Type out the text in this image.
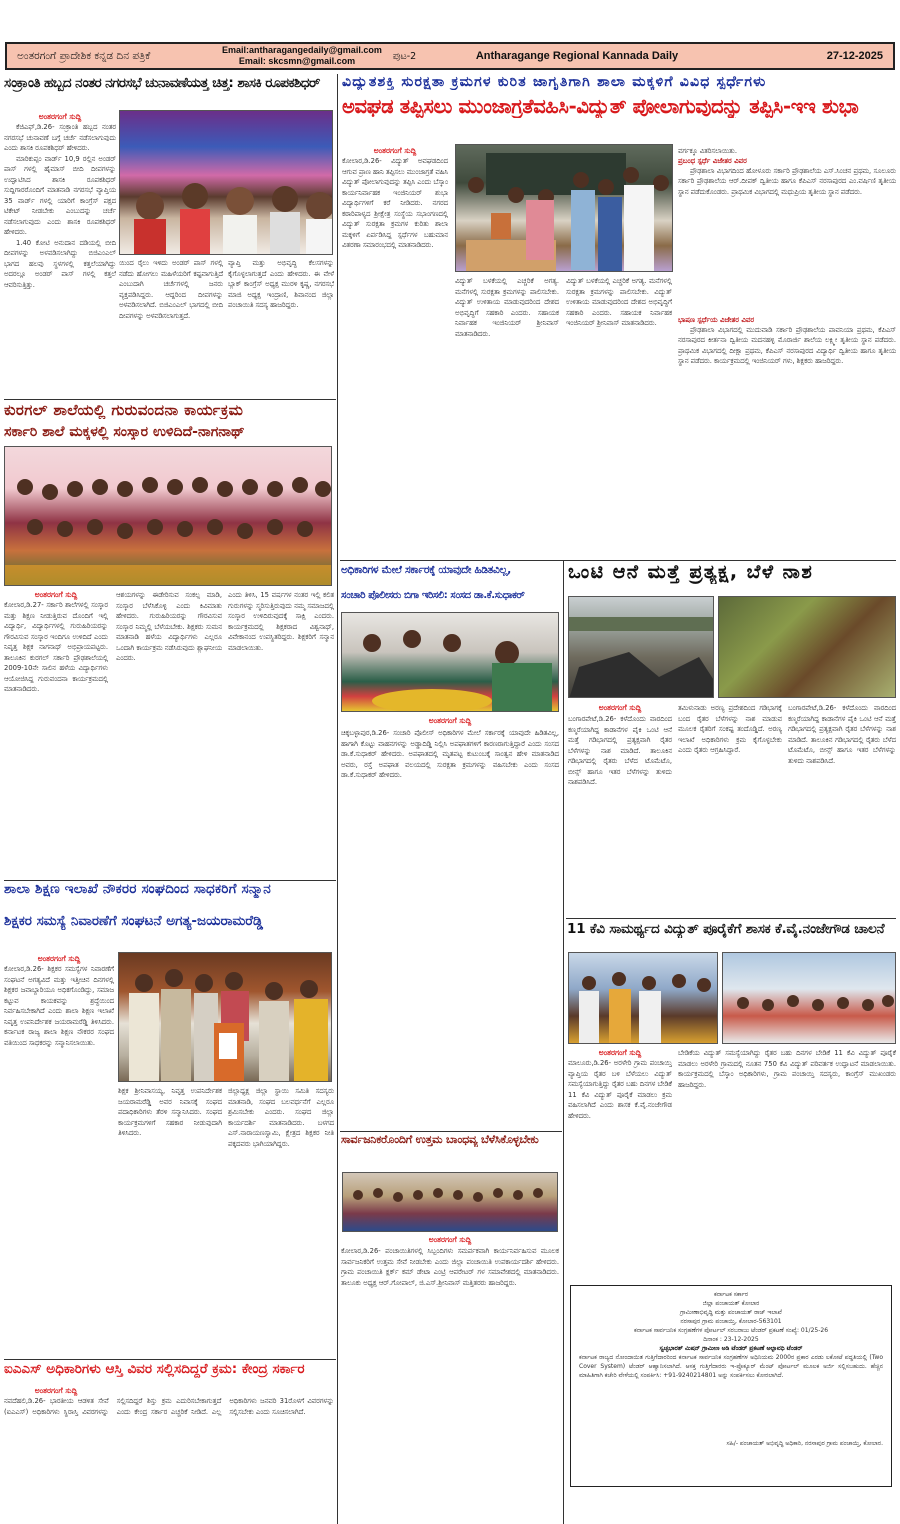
ಅಂತರಗಂಗೆ ಪ್ರಾದೇಶಿಕ ಕನ್ನಡ ದಿನ ಪತ್ರಿಕೆ	Email:antharagangedaily@gmail.com
Email: skcsmn@gmail.com	ಪುಟ-2	Antharagange Regional Kannada Daily	27-12-2025
ಸಂಕ್ರಾಂತಿ ಹಬ್ಬದ ನಂತರ ನಗರಸಭೆ ಚುನಾವಣೆಯತ್ತ ಚಿತ್ತ: ಶಾಸಕಿ ರೂಪಕಶಿಧರ್
ಅಂತರಗಂಗೆ ಸುದ್ದಿ

ಕೆಜಿಎಫ್,ಡಿ.26- ಸಂಕ್ರಾಂತಿ ಹಬ್ಬದ ನಂತರ ನಗರಸಭೆ ಚುನಾವಣೆ ಬಗ್ಗೆ ಚರ್ಚೆ ನಡೆಸಲಾಗುವುದು ಎಂದು ಶಾಸಕಿ ರೂಪಕಶಿಧರ್ ಹೇಳಿದರು.

ಮಾರಿಕುಪ್ಪಂ ವಾರ್ಡ್ 10,9 ರಲ್ಲಿನ ಅಂಡರ್ ಪಾಸ್ ಗಳಲ್ಲಿ ಹೈಮಾಸ್ ಬೀದಿ ದೀಪಗಳನ್ನು ಉದ್ಘಾಟಿಸಿದ ಶಾಸಕಿ ರೂಪಕಶಿಧರ್ ಸುದ್ದಿಗಾರರೊಂದಿಗೆ ಮಾತನಾಡಿ ನಗರಸಭೆ ವ್ಯಾಪ್ತಿಯ 35 ವಾರ್ಡ್ ಗಳಲ್ಲಿ ಯಾರಿಗೆ ಕಾಂಗ್ರೆಸ್ ಪಕ್ಷದ ಟಿಕೇಟ್ ನೀಡಬೇಕು ಎಂಬುದನ್ನು ಚರ್ಚೆ ನಡೆಸಲಾಗುವುದು ಎಂದು ಶಾಸಕಿ ರೂಪಕಶಿಧರ್ ಹೇಳಿದರು.

1.40 ಕೋಟಿ ಅನುದಾನ ದಡಿಯಲ್ಲಿ ಬೀದಿ ದೀಪಗಳನ್ನು ಅಳವಡಿಸಲಾಗಿದ್ದು ಬಿಜಿಎಂಎಲ್ ಭಾಗದ ಹಲವು ಸ್ಥಳಗಳಲ್ಲಿ ಕತ್ತಲೆಯಾಗಿದ್ದು ಅದರಲ್ಲೂ ಅಂಡರ್ ಪಾಸ್ ಗಳಲ್ಲಿ ಕತ್ತಲೆ ಆವರಿಸುತ್ತಿತ್ತು.

ಯಿಂದ ರೈಲು ಇಳಿದು ಅಂಡರ್ ಪಾಸ್ ಗಳಲ್ಲಿ ನಡೆದು ಹೋಗಲು ಮಹಿಳೆಯರಿಗೆ ಕಷ್ಟವಾಗುತ್ತಿದೆ ಎಂಬುದಾಗಿ ಚರ್ಚೆಗಳಲ್ಲಿ ಜನರು ವ್ಯಕ್ತಪಡಿಸಿದ್ದರು. ಆದ್ದರಿಂದ ದೀಪಗಳನ್ನು ಅಳವಡಿಸಲಾಗಿದೆ. ಬಿಜಿಎಂಎಲ್ ಭಾಗದಲ್ಲಿ ಬೀದಿ ದೀಪಗಳನ್ನು ಅಳವಡಿಸಲಾಗುತ್ತದೆ.
ವ್ಯಾಪ್ತಿ ಮತ್ತು ಅಭಿವೃದ್ಧಿ ಕೆಲಸಗಳನ್ನು ಕೈಗೊಳ್ಳಲಾಗುತ್ತದೆ ಎಂದು ಹೇಳಿದರು. ಈ ವೇಳೆ ಬ್ಲಾಕ್ ಕಾಂಗ್ರೆಸ್ ಅಧ್ಯಕ್ಷ ಮುರಳಿ ಕೃಷ್ಣ, ನಗರಸಭೆ ಮಾಜಿ ಅಧ್ಯಕ್ಷ ಇಂದ್ರಾಣಿ, ಶಿವಾನಂದ ಜಿಲ್ಲಾ ಪಂಚಾಯಿತಿ ಸದಸ್ಯ ಹಾಜರಿದ್ದರು.
ಕುರಗಲ್ ಶಾಲೆಯಲ್ಲಿ ಗುರುವಂದನಾ ಕಾರ್ಯಕ್ರಮ
ಸರ್ಕಾರಿ ಶಾಲೆ ಮಕ್ಕಳಲ್ಲಿ ಸಂಸ್ಕಾರ ಉಳಿದಿದೆ-ನಾಗನಾಥ್
ಅಂತರಗಂಗೆ ಸುದ್ದಿ
ಕೋಲಾರ,ಡಿ.27- ಸರ್ಕಾರಿ ಶಾಲೆಗಳಲ್ಲಿ ಸಂಸ್ಕಾರ ಮತ್ತು ಶಿಕ್ಷಣ ನೀಡುತ್ತಿರುವ ದೊಂದಿಗೆ ಇಲ್ಲಿ ವಿದ್ಯಾರ್ಥಿ, ವಿದ್ಯಾರ್ಥಿಗಳಲ್ಲಿ ಗುರುಹಿರಿಯರನ್ನು ಗೌರವಿಸುವ ಸಂಸ್ಕಾರ ಇಂದಿಗೂ ಉಳಿದಿದೆ ಎಂದು ನಿವೃತ್ತ ಶಿಕ್ಷಕ ನಾಗನಾಥ್ ಅಭಿಪ್ರಾಯಪಟ್ಟರು. ತಾಲೂಕಿನ ಕುರಗಲ್ ಸರ್ಕಾರಿ ಪ್ರೌಢಶಾಲೆಯಲ್ಲಿ 2009-10ನೇ ಸಾಲಿನ ಹಳೆಯ ವಿದ್ಯಾರ್ಥಿಗಳು ಆಯೋಜಿಸಿದ್ದ ಗುರುವಂದನಾ ಕಾರ್ಯಕ್ರಮದಲ್ಲಿ ಮಾತನಾಡಿದರು.
ಆಶಯಗಳನ್ನು ಈಡೇರಿಸುವ ಸಂಕಲ್ಪ ಮಾಡಿ, ಸಂಸ್ಕಾರ ಬೆಳೆಸಿಕೊಳ್ಳಿ ಎಂದು ಕಿವಿಮಾತು ಹೇಳಿದರು. ಗುರುಹಿರಿಯರನ್ನು ಗೌರವಿಸುವ ಸಂಸ್ಕಾರ ನಿಮ್ಮಲ್ಲಿ ಬೆಳೆಯಬೇಕು. ಶಿಕ್ಷಕರು ಸುಮನ ಮಾತನಾಡಿ ಹಳೆಯ ವಿದ್ಯಾರ್ಥಿಗಳು ಎಲ್ಲರೂ ಒಂದಾಗಿ ಕಾರ್ಯಕ್ರಮ ನಡೆಸಿರುವುದು ಶ್ಲಾಘನೀಯ ಎಂದರು.
ಎಂದು ತಿಳಿಸಿ, 15 ವರ್ಷಗಳ ನಂತರ ಇಲ್ಲಿ ಕಲಿತ ಗುರುಗಳನ್ನು ಸ್ಮರಿಸುತ್ತಿರುವುದು ನಮ್ಮ ಸಮಾಜದಲ್ಲಿ ಸಂಸ್ಕಾರ ಉಳಿದಿರುವುದಕ್ಕೆ ಸಾಕ್ಷಿ ಎಂದರು. ಕಾರ್ಯಕ್ರಮದಲ್ಲಿ ಶಿಕ್ಷಕರಾದ ವಿಶ್ವನಾಥ್, ವಿವೇಕಾನಂದ ಉಪಸ್ಥಿತರಿದ್ದರು. ಶಿಕ್ಷಕರಿಗೆ ಸನ್ಮಾನ ಮಾಡಲಾಯಿತು.
ಶಾಲಾ ಶಿಕ್ಷಣ ಇಲಾಖೆ ನೌಕರರ ಸಂಘದಿಂದ ಸಾಧಕರಿಗೆ ಸನ್ಮಾನ
ಶಿಕ್ಷಕರ ಸಮಸ್ಯೆ ನಿವಾರಣೆಗೆ ಸಂಘಟನೆ ಅಗತ್ಯ-ಜಯರಾಮರೆಡ್ಡಿ
ಅಂತರಗಂಗೆ ಸುದ್ದಿ
ಕೋಲಾರ,ಡಿ.26- ಶಿಕ್ಷಕರ ಸಮಸ್ಯೆಗಳ ನಿವಾರಣೆಗೆ ಸಂಘಟನೆ ಅಗತ್ಯವಿದೆ ಮತ್ತು ಇತ್ತೀಚಿನ ದಿನಗಳಲ್ಲಿ ಶಿಕ್ಷಕರ ಜವಾಬ್ದಾರಿಯೂ ಅಧಿಕಗೊಂಡಿದ್ದು, ಸಮಾಜ ಕಟ್ಟುವ ಕಾಯಕವನ್ನು ಶ್ರದ್ಧೆಯಿಂದ ನಿರ್ವಹಿಸಬೇಕಾಗಿದೆ ಎಂದು ಶಾಲಾ ಶಿಕ್ಷಣ ಇಲಾಖೆ ನಿವೃತ್ತ ಉಪನಿರ್ದೇಶಕ ಜಯರಾಮರೆಡ್ಡಿ ತಿಳಿಸಿದರು. ಕರ್ನಾಟಕ ರಾಜ್ಯ ಶಾಲಾ ಶಿಕ್ಷಣ ನೌಕರರ ಸಂಘದ ವತಿಯಿಂದ ಸಾಧಕರನ್ನು ಸನ್ಮಾನಿಸಲಾಯಿತು.
ಶಿಕ್ಷಕ ಶ್ರೀನಿವಾಸಯ್ಯ, ನಿವೃತ್ತ ಉಪನಿರ್ದೇಶಕ ಜಯರಾಮರೆಡ್ಡಿ ಅವರ ನಿವಾಸಕ್ಕೆ ಸಂಘದ ಪದಾಧಿಕಾರಿಗಳು ತೆರಳಿ ಸನ್ಮಾನಿಸಿದರು. ಸಂಘದ ಕಾರ್ಯಕ್ರಮಗಳಿಗೆ ಸಹಕಾರ ನೀಡುವುದಾಗಿ ತಿಳಿಸಿದರು.
ಜಿಲ್ಲಾಧ್ಯಕ್ಷ ಜಿಲ್ಲಾ ಸ್ಥಾಯಿ ಸಮಿತಿ ಸದಸ್ಯರು ಮಾತನಾಡಿ, ಸಂಘದ ಬಲವರ್ಧನೆಗೆ ಎಲ್ಲರೂ ಶ್ರಮಿಸಬೇಕು ಎಂದರು. ಸಂಘದ ಜಿಲ್ಲಾ ಕಾರ್ಯದರ್ಶಿ ಮಾತನಾಡಿದರು. ಬಳಗದ ಎಸ್.ನಾರಾಯಣಸ್ವಾಮಿ, ಕ್ಷೇತ್ರದ ಶಿಕ್ಷಕರ ನೀತಿ ಪಕ್ಕದವರು ಭಾಗಿಯಾಗಿದ್ದರು.
ಐಎಎಸ್ ಅಧಿಕಾರಿಗಳು ಆಸ್ತಿ ವಿವರ ಸಲ್ಲಿಸದಿದ್ದರೆ ಕ್ರಮ: ಕೇಂದ್ರ ಸರ್ಕಾರ
ಅಂತರಗಂಗೆ ಸುದ್ದಿ
ನವದೆಹಲಿ,ಡಿ.26- ಭಾರತೀಯ ಆಡಳಿತ ಸೇವೆ (ಐಎಎಸ್) ಅಧಿಕಾರಿಗಳು ಸ್ಥಿರಾಸ್ತಿ ವಿವರಗಳನ್ನು ಸಲ್ಲಿಸದಿದ್ದರೆ ಶಿಸ್ತು ಕ್ರಮ ಎದುರಿಸಬೇಕಾಗುತ್ತದೆ ಎಂದು ಕೇಂದ್ರ ಸರ್ಕಾರ ಎಚ್ಚರಿಕೆ ನೀಡಿದೆ. ಎಲ್ಲ ಅಧಿಕಾರಿಗಳು ಜನವರಿ 31ರೊಳಗೆ ವಿವರಗಳನ್ನು ಸಲ್ಲಿಸಬೇಕು ಎಂದು ಸೂಚಿಸಲಾಗಿದೆ.
ವಿದ್ಯುತಶಕ್ತಿ ಸುರಕ್ಷತಾ ಕ್ರಮಗಳ ಕುರಿತ ಜಾಗೃತಿಗಾಗಿ ಶಾಲಾ ಮಕ್ಕಳಿಗೆ ವಿವಿಧ ಸ್ಪರ್ಧೆಗಳು
ಅವಘಡ ತಪ್ಪಿಸಲು ಮುಂಜಾಗ್ರತೆವಹಿಸಿ-ವಿದ್ಯುತ್ ಪೋಲಾಗುವುದನ್ನು ತಪ್ಪಿಸಿ-ಇಇ ಶುಭಾ
ಅಂತರಗಂಗೆ ಸುದ್ದಿ
ಕೋಲಾರ,ಡಿ.26- ವಿದ್ಯುತ್ ಅವಘಡದಿಂದ ಆಗುವ ಪ್ರಾಣ ಹಾನಿ ತಪ್ಪಿಸಲು ಮುಂಜಾಗ್ರತೆ ವಹಿಸಿ ವಿದ್ಯುತ್ ಪೋಲಾಗುವುದನ್ನು ತಪ್ಪಿಸಿ ಎಂದು ಬೆಸ್ಕಾಂ ಕಾರ್ಯನಿರ್ವಾಹಕ ಇಂಜಿನಿಯರ್ ಶುಭಾ ವಿದ್ಯಾರ್ಥಿಗಳಿಗೆ ಕರೆ ನೀಡಿದರು. ನಗರದ ಕಠಾರಿಪಾಳ್ಯದ ಶ್ರೀಕ್ಷೇತ್ರ ಸಂಸ್ಥೆಯ ಸಭಾಂಗಣದಲ್ಲಿ ವಿದ್ಯುತ್ ಸುರಕ್ಷತಾ ಕ್ರಮಗಳ ಕುರಿತು ಶಾಲಾ ಮಕ್ಕಳಿಗೆ ಏರ್ಪಡಿಸಿದ್ದ ಸ್ಪರ್ಧೆಗಳ ಬಹುಮಾನ ವಿತರಣಾ ಸಮಾರಂಭದಲ್ಲಿ ಮಾತನಾಡಿದರು.
ವಿದ್ಯುತ್ ಬಳಕೆಯಲ್ಲಿ ಎಚ್ಚರಿಕೆ ಅಗತ್ಯ. ಮನೆಗಳಲ್ಲಿ ಸುರಕ್ಷತಾ ಕ್ರಮಗಳನ್ನು ಪಾಲಿಸಬೇಕು. ವಿದ್ಯುತ್ ಉಳಿತಾಯ ಮಾಡುವುದರಿಂದ ದೇಶದ ಅಭಿವೃದ್ಧಿಗೆ ಸಹಕಾರಿ ಎಂದರು. ಸಹಾಯಕ ನಿರ್ವಾಹಕ ಇಂಜಿನಿಯರ್ ಶ್ರೀನಿವಾಸ್ ಮಾತನಾಡಿದರು.
ವಿದ್ಯುತ್ ಬಳಕೆಯಲ್ಲಿ ಎಚ್ಚರಿಕೆ ಅಗತ್ಯ. ಮನೆಗಳಲ್ಲಿ ಸುರಕ್ಷತಾ ಕ್ರಮಗಳನ್ನು ಪಾಲಿಸಬೇಕು. ವಿದ್ಯುತ್ ಉಳಿತಾಯ ಮಾಡುವುದರಿಂದ ದೇಶದ ಅಭಿವೃದ್ಧಿಗೆ ಸಹಕಾರಿ ಎಂದರು. ಸಹಾಯಕ ನಿರ್ವಾಹಕ ಇಂಜಿನಿಯರ್ ಶ್ರೀನಿವಾಸ್ ಮಾತನಾಡಿದರು.
ವರ್ಗಕ್ಕೂ ವಿತರಿಸಲಾಯಿತು.
ಪ್ರಬಂಧ ಸ್ಪರ್ಧೆ ವಿಜೇತರ ವಿವರ

ಪ್ರೌಢಶಾಲಾ ವಿಭಾಗದಿಂದ ಹೋಳೂರು ಸರ್ಕಾರಿ ಪ್ರೌಢಶಾಲೆಯ ಎಸ್.ಸಿಂಚನ ಪ್ರಥಮ, ಸೂಲೂರು ಸರ್ಕಾರಿ ಪ್ರೌಢಶಾಲೆಯ ಆರ್.ದೀಪಕ್ ದ್ವಿತೀಯ ಹಾಗೂ ಕೆಪಿಎಸ್ ನರಸಾಪುರದ ಎಂ.ವರ್ಷಿಣಿ ತೃತೀಯ ಸ್ಥಾನ ಪಡೆದುಕೊಂಡರು. ಪ್ರಾಥಮಿಕ ವಿಭಾಗದಲ್ಲಿ ಮಧುಪ್ರಿಯ ತೃತೀಯ ಸ್ಥಾನ ಪಡೆದರು.

ಭಾಷಣ ಸ್ಪರ್ಧೆಯ ವಿಜೇತರ ವಿವರ

ಪ್ರೌಢಶಾಲಾ ವಿಭಾಗದಲ್ಲಿ ಮುದುವಾಡಿ ಸರ್ಕಾರಿ ಪ್ರೌಢಶಾಲೆಯ ಪಾವನಿಯಾ ಪ್ರಥಮ, ಕೆಪಿಎಸ್ ನರಸಾಪುರದ ಕೀರ್ತನಾ ದ್ವಿತೀಯ ಮದನಹಳ್ಳಿ ಮೊರಾರ್ಜಿ ಶಾಲೆಯ ಲಕ್ಷ್ಮೀ ತೃತೀಯ ಸ್ಥಾನ ಪಡೆದರು. ಪ್ರಾಥಮಿಕ ವಿಭಾಗದಲ್ಲಿ ದೀಕ್ಷಾ ಪ್ರಥಮ, ಕೆಪಿಎಸ್ ನರಸಾಪುರದ ವಿದ್ಯಾರ್ಥಿ ದ್ವಿತೀಯ ಹಾಗೂ ತೃತೀಯ ಸ್ಥಾನ ಪಡೆದರು. ಕಾರ್ಯಕ್ರಮದಲ್ಲಿ ಇಂಜಿನಿಯರ್ ಗಳು, ಶಿಕ್ಷಕರು ಹಾಜರಿದ್ದರು.

ಅಧಿಕಾರಿಗಳ ಮೇಲೆ ಸರ್ಕಾರಕ್ಕೆ ಯಾವುದೇ ಹಿಡಿತವಿಲ್ಲ,
ಸಂಚಾರಿ ಪೊಲೀಸರು ಬಿಗಾ ಇರಿಸಲಿ: ಸಂಸದ ಡಾ.ಕೆ.ಸುಧಾಕರ್
ಅಂತರಗಂಗೆ ಸುದ್ದಿ
ಚಿಕ್ಕಬಳ್ಳಾಪುರ,ಡಿ.26- ಸಂಚಾರಿ ಪೊಲೀಸ್ ಅಧಿಕಾರಿಗಳ ಮೇಲೆ ಸರ್ಕಾರಕ್ಕೆ ಯಾವುದೇ ಹಿಡಿತವಿಲ್ಲ, ಹಾಗಾಗಿ ಕೊಟ್ಟು ವಾಹನಗಳನ್ನು ಅಡ್ಡಾದಿಡ್ಡಿ ನಿಲ್ಲಿಸಿ ಅಪಘಾತಗಳಿಗೆ ಕಾರಣರಾಗುತ್ತಿದ್ದಾರೆ ಎಂದು ಸಂಸದ ಡಾ.ಕೆ.ಸುಧಾಕರ್ ಹೇಳಿದರು. ಅಪಘಾತದಲ್ಲಿ ಮೃತಪಟ್ಟ ಕುಟುಂಬಕ್ಕೆ ಸಾಂತ್ವನ ಹೇಳಿ ಮಾತನಾಡಿದ ಅವರು, ರಸ್ತೆ ಅಪಘಾತ ವಲಯದಲ್ಲಿ ಸುರಕ್ಷತಾ ಕ್ರಮಗಳನ್ನು ವಹಿಸಬೇಕು ಎಂದು ಸಂಸದ ಡಾ.ಕೆ.ಸುಧಾಕರ್ ಹೇಳಿದರು.
ಸಾರ್ವಜನಿಕರೊಂದಿಗೆ ಉತ್ತಮ ಬಾಂಧವ್ಯ ಬೆಳೆಸಿಕೊಳ್ಳಬೇಕು
ಅಂತರಗಂಗೆ ಸುದ್ದಿ
ಕೋಲಾರ,ಡಿ.26- ಪಂಚಾಯಿತಿಗಳಲ್ಲಿ ಸಿಬ್ಬಂದಿಗಳು ಸಮರ್ಪಕವಾಗಿ ಕಾರ್ಯನಿರ್ವಹಿಸುವ ಮೂಲಕ ಸಾರ್ವಜನಿಕರಿಗೆ ಉತ್ತಮ ಸೇವೆ ನೀಡಬೇಕು ಎಂದು ಜಿಲ್ಲಾ ಪಂಚಾಯಿತಿ ಉಪಕಾರ್ಯದರ್ಶಿ ಹೇಳಿದರು. ಗ್ರಾಮ ಪಂಚಾಯಿತಿ ಕ್ಲರ್ಕ್ ಕಮ್ ಡೇಟಾ ಎಂಟ್ರಿ ಆಪರೇಟರ್ ಗಳ ಸಮಾವೇಶದಲ್ಲಿ ಮಾತನಾಡಿದರು. ತಾಲೂಕು ಅಧ್ಯಕ್ಷ ಆರ್.ಗೋಪಾಲ್, ಜಿ.ಎಸ್.ಶ್ರೀನಿವಾಸ್ ಮತ್ತಿತರರು ಹಾಜರಿದ್ದರು.
ಒಂಟಿ ಆನೆ ಮತ್ತೆ ಪ್ರತ್ಯಕ್ಷ, ಬೆಳೆ ನಾಶ
ಅಂತರಗಂಗೆ ಸುದ್ದಿ
ಬಂಗಾರಪೇಟೆ,ಡಿ.26- ಕಳೆದೊಂದು ವಾರದಿಂದ ಕಣ್ಮರೆಯಾಗಿದ್ದ ಕಾಡಾನೆಗಳ ಪೈಕಿ ಒಂಟಿ ಆನೆ ಮತ್ತೆ ಗಡಿಭಾಗದಲ್ಲಿ ಪ್ರತ್ಯಕ್ಷವಾಗಿ ರೈತರ ಬೆಳೆಗಳನ್ನು ನಾಶ ಮಾಡಿದೆ. ತಾಲೂಕಿನ ಗಡಿಭಾಗದಲ್ಲಿ ರೈತರು ಬೆಳೆದ ಟೊಮೆಟೊ, ಬೀನ್ಸ್ ಹಾಗೂ ಇತರ ಬೆಳೆಗಳನ್ನು ತುಳಿದು ನಾಶಪಡಿಸಿದೆ.
ತಮಿಳುನಾಡು ಅರಣ್ಯ ಪ್ರದೇಶದಿಂದ ಗಡಿಭಾಗಕ್ಕೆ ಬಂದ ರೈತರ ಬೆಳೆಗಳನ್ನು ನಾಶ ಮಾಡುವ ಮೂಲಕ ರೈತರಿಗೆ ಸಂಕಷ್ಟ ತಂದೊಡ್ಡಿದೆ. ಅರಣ್ಯ ಇಲಾಖೆ ಅಧಿಕಾರಿಗಳು ಕ್ರಮ ಕೈಗೊಳ್ಳಬೇಕು ಎಂದು ರೈತರು ಆಗ್ರಹಿಸಿದ್ದಾರೆ.
ಬಂಗಾರಪೇಟೆ,ಡಿ.26- ಕಳೆದೊಂದು ವಾರದಿಂದ ಕಣ್ಮರೆಯಾಗಿದ್ದ ಕಾಡಾನೆಗಳ ಪೈಕಿ ಒಂಟಿ ಆನೆ ಮತ್ತೆ ಗಡಿಭಾಗದಲ್ಲಿ ಪ್ರತ್ಯಕ್ಷವಾಗಿ ರೈತರ ಬೆಳೆಗಳನ್ನು ನಾಶ ಮಾಡಿದೆ. ತಾಲೂಕಿನ ಗಡಿಭಾಗದಲ್ಲಿ ರೈತರು ಬೆಳೆದ ಟೊಮೆಟೊ, ಬೀನ್ಸ್ ಹಾಗೂ ಇತರ ಬೆಳೆಗಳನ್ನು ತುಳಿದು ನಾಶಪಡಿಸಿದೆ.
11 ಕೆವಿ ಸಾಮರ್ಥ್ಯದ ವಿದ್ಯುತ್ ಪೂರೈಕೆಗೆ ಶಾಸಕ ಕೆ.ವೈ.ನಂಜೇಗೌಡ ಚಾಲನೆ
ಅಂತರಗಂಗೆ ಸುದ್ದಿ
ಮಾಲೂರು,ಡಿ.26- ಅರಳೇರಿ ಗ್ರಾಮ ಪಂಚಾಯ್ತಿ ವ್ಯಾಪ್ತಿಯ ರೈತರ ಬಳಿ ಬೆಳೆಯಲು ವಿದ್ಯುತ್ ಸಮಸ್ಯೆಯಾಗುತ್ತಿದ್ದು ರೈತರ ಬಹು ದಿನಗಳ ಬೇಡಿಕೆ 11 ಕೆವಿ ವಿದ್ಯುತ್ ಪೂರೈಕೆ ಮಾಡಲು ಕ್ರಮ ವಹಿಸಲಾಗಿದೆ ಎಂದು ಶಾಸಕ ಕೆ.ವೈ.ನಂಜೇಗೌಡ ಹೇಳಿದರು.
ಬೇಡಿಕೆಯ ವಿದ್ಯುತ್ ಸಮಸ್ಯೆಯಾಗಿದ್ದು ರೈತರ ಬಹು ದಿನಗಳ ಬೇಡಿಕೆ 11 ಕೆವಿ ವಿದ್ಯುತ್ ಪೂರೈಕೆ ಮಾಡಲು ಅರಳೇರಿ ಗ್ರಾಮದಲ್ಲಿ ನೂತನ 750 ಕೆವಿ ವಿದ್ಯುತ್ ಪರಿವರ್ತಕ ಉದ್ಘಾಟನೆ ಮಾಡಲಾಯಿತು. ಕಾರ್ಯಕ್ರಮದಲ್ಲಿ ಬೆಸ್ಕಾಂ ಅಧಿಕಾರಿಗಳು, ಗ್ರಾಮ ಪಂಚಾಯ್ತಿ ಸದಸ್ಯರು, ಕಾಂಗ್ರೆಸ್ ಮುಖಂಡರು ಹಾಜರಿದ್ದರು.
ಕರ್ನಾಟಕ ಸರ್ಕಾರ
ಜಿಲ್ಲಾ ಪಂಚಾಯತ್ ಕೋಲಾರ
ಗ್ರಾಮೀಣಾಭಿವೃದ್ಧಿ ಮತ್ತು ಪಂಚಾಯತ್ ರಾಜ್ ಇಲಾಖೆ
ನರಸಾಪುರ ಗ್ರಾಮ ಪಂಚಾಯ್ತಿ, ಕೋಲಾರ-563101
ಕರ್ನಾಟಕ ಸಾರ್ವಜನಿಕ ಸಂಗ್ರಹಣೆಗಳ ಪೋರ್ಟಲ್ ಸರಬರಾಜು ಟೆಂಡರ್ ಪ್ರಕಟಣೆ ಸಂಖ್ಯೆ: 01/25-26
ದಿನಾಂಕ : 23-12-2025
ಸ್ವಚ್ಛಭಾರತ್ ಮಿಷನ್ ಗ್ರಾಮೀಣ ಅಡಿ ಟೆಂಡರ್ ಪ್ರಕಟಣೆ ಅಲ್ಪಾವಧಿ ಟೆಂಡರ್
ಕರ್ನಾಟಕ ರಾಜ್ಯದ ನೋಂದಾಯಿತ ಗುತ್ತಿಗೆದಾರರಿಂದ ಕರ್ನಾಟಕ ಸಾರ್ವಜನಿಕ ಸಂಗ್ರಹಣೆಗಳ ಅಧಿನಿಯಮ 2000ರ ಪ್ರಕಾರ ಎರಡು ಲಕೋಟೆ ಪದ್ಧತಿಯಲ್ಲಿ (Two Cover System) ಟೆಂಡರ್ ಆಹ್ವಾನಿಸಲಾಗಿದೆ. ಆಸಕ್ತ ಗುತ್ತಿಗೆದಾರರು ಇ-ಪ್ರೊಕ್ಯೂರ್ ಮೆಂಟ್ ಪೋರ್ಟಲ್ ಮೂಲಕ ಅರ್ಜಿ ಸಲ್ಲಿಸಬಹುದು. ಹೆಚ್ಚಿನ ಮಾಹಿತಿಗಾಗಿ ಕಚೇರಿ ವೇಳೆಯಲ್ಲಿ ಸಂಪರ್ಕಿಸಿ: +91-9240214801 ಅನ್ನು ಸಂಪರ್ಕಿಸಲು ಕೋರಲಾಗಿದೆ.
ಸಹಿ/- ಪಂಚಾಯತ್ ಅಭಿವೃದ್ಧಿ ಅಧಿಕಾರಿ, ನರಸಾಪುರ ಗ್ರಾಮ ಪಂಚಾಯ್ತಿ, ಕೋಲಾರ.
